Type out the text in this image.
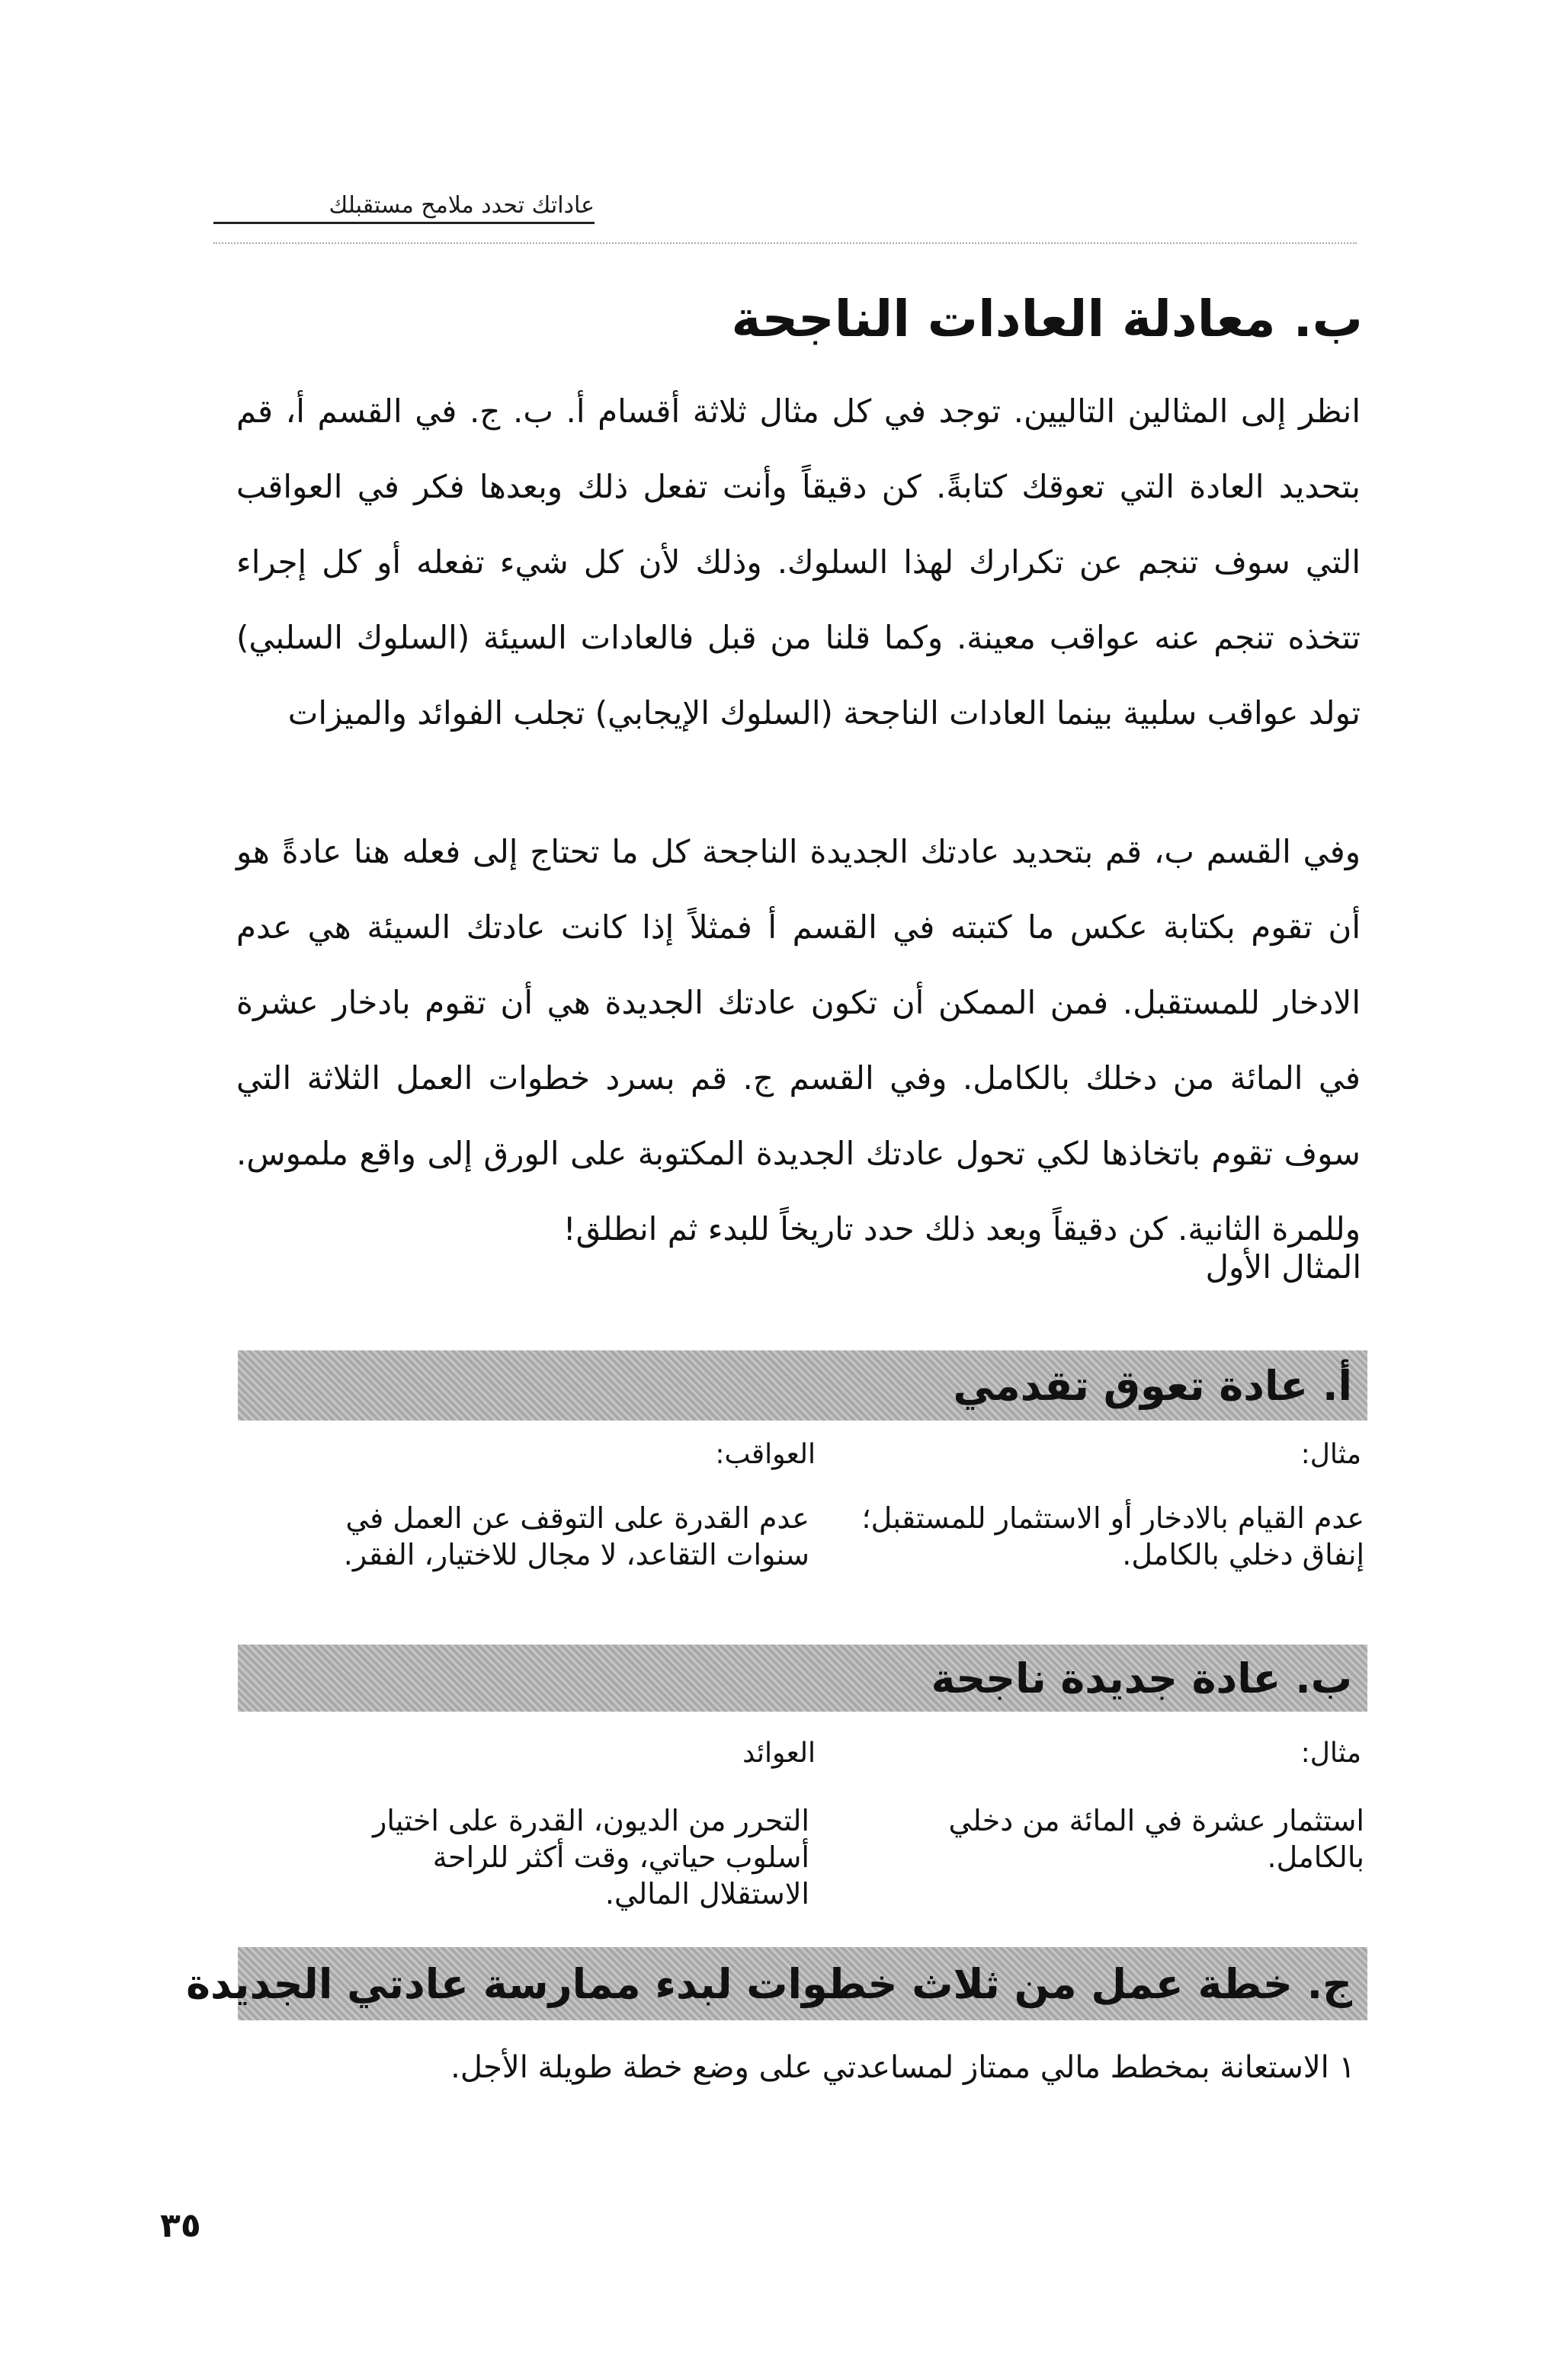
عاداتك تحدد ملامح مستقبلك
ب. معادلة العادات الناجحة
انظر إلى المثالين التاليين. توجد في كل مثال ثلاثة أقسام أ. ب. ج. في القسم أ، قم بتحديد العادة التي تعوقك كتابةً. كن دقيقاً وأنت تفعل ذلك وبعدها فكر في العواقب التي سوف تنجم عن تكرارك لهذا السلوك. وذلك لأن كل شيء تفعله أو كل إجراء تتخذه تنجم عنه عواقب معينة. وكما قلنا من قبل فالعادات السيئة (السلوك السلبي) تولد عواقب سلبية بينما العادات الناجحة (السلوك الإيجابي) تجلب الفوائد والميزات
وفي القسم ب، قم بتحديد عادتك الجديدة الناجحة كل ما تحتاج إلى فعله هنا عادةً هو أن تقوم بكتابة عكس ما كتبته في القسم أ فمثلاً إذا كانت عادتك السيئة هي عدم الادخار للمستقبل. فمن الممكن أن تكون عادتك الجديدة هي أن تقوم بادخار عشرة في المائة من دخلك بالكامل. وفي القسم ج. قم بسرد خطوات العمل الثلاثة التي سوف تقوم باتخاذها لكي تحول عادتك الجديدة المكتوبة على الورق إلى واقع ملموس. وللمرة الثانية. كن دقيقاً وبعد ذلك حدد تاريخاً للبدء ثم انطلق!
المثال الأول
أ. عادة تعوق تقدمي
مثال:
العواقب:
عدم القيام بالادخار أو الاستثمار للمستقبل؛ إنفاق دخلي بالكامل.
عدم القدرة على التوقف عن العمل في سنوات التقاعد، لا مجال للاختيار، الفقر.
ب. عادة جديدة ناجحة
مثال:
العوائد
استثمار عشرة في المائة من دخلي بالكامل.
التحرر من الديون، القدرة على اختيار أسلوب حياتي، وقت أكثر للراحة الاستقلال المالي.
ج. خطة عمل من ثلاث خطوات لبدء ممارسة عادتي الجديدة
١ الاستعانة بمخطط مالي ممتاز لمساعدتي على وضع خطة طويلة الأجل.
٣٥
